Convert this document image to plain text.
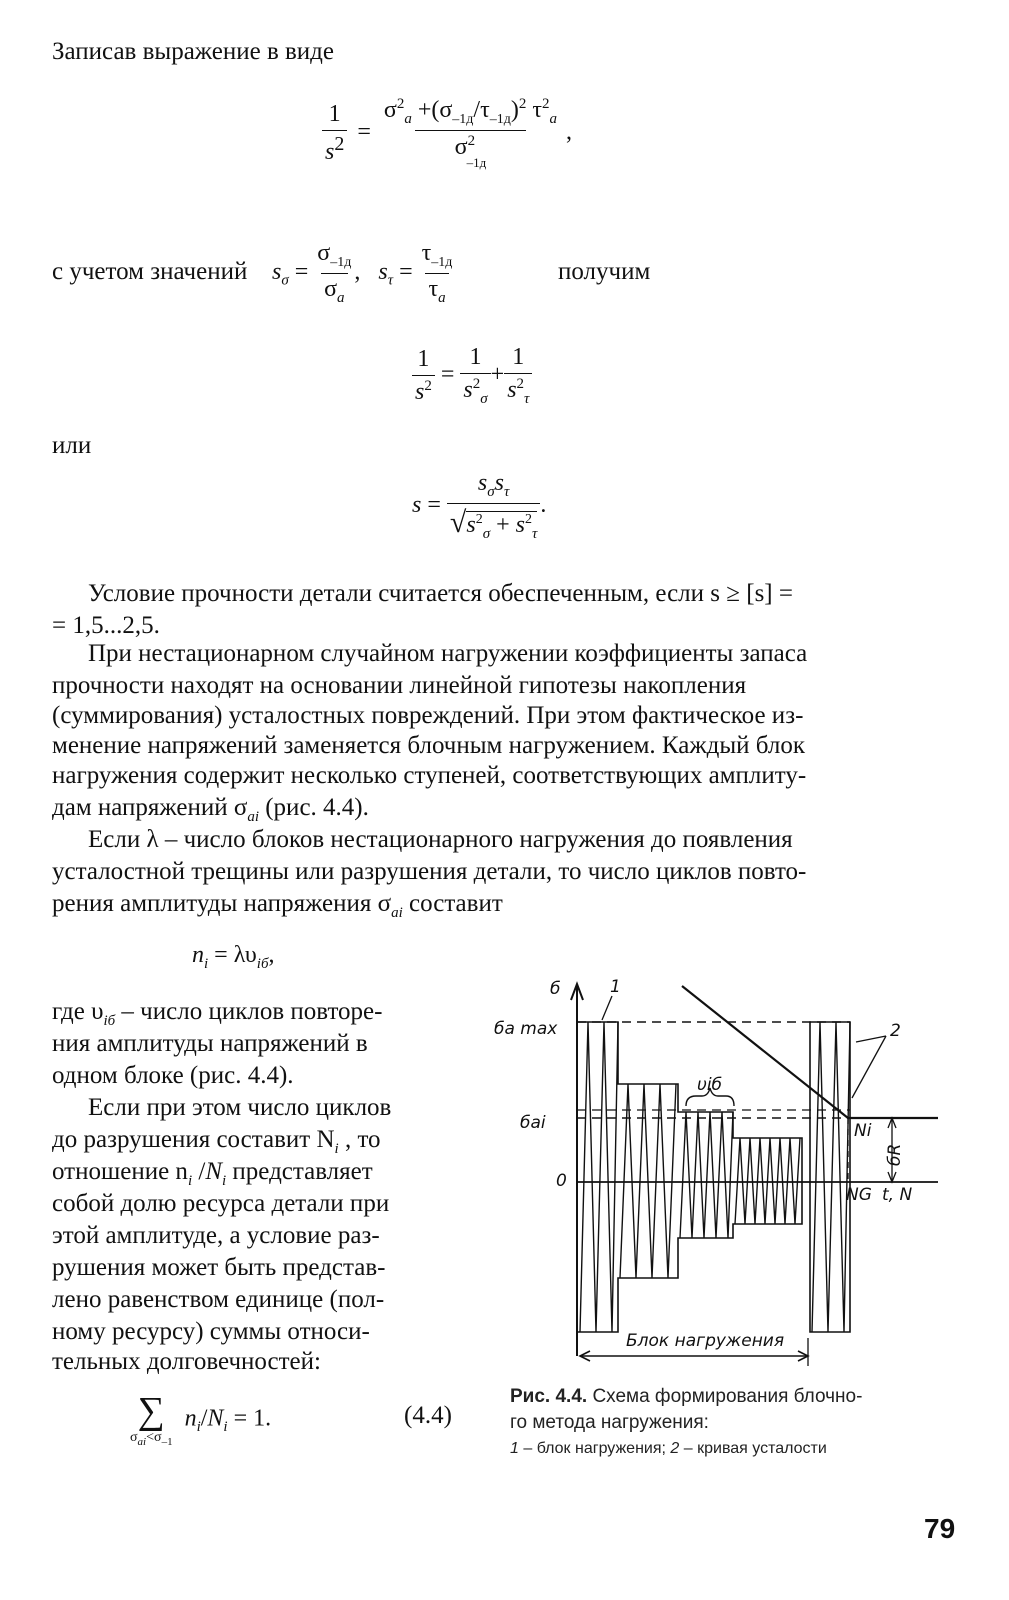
Записав выражение в виде
$\frac{1}{s^2}$ =
$\sigma^2_a +(\sigma_{-1д}/\tau_{-1д})^2$ $\tau^2_a$
$\sigma^2$
–1д
,
с учетом значений $s_\sigma$ =
$\sigma_{-1д}$
$\sigma_a$
,   $s_\tau$ =
$\tau_{-1д}$
$\tau_a$
получим
$\frac{1}{s^2} = \frac{1}{s^2_\sigma} + \frac{1}{s^2_\tau}$
или
s =
$s_\sigma s_\tau$
$√s^2_\sigma + s^2_\tau$
.
Условие прочности детали считается обеспеченным, если s ≥ [s] =
= 1,5...2,5.
При нестационарном случайном нагружении коэффициенты запаса
прочности находят на основании линейной гипотезы накопления
(суммирования) усталостных повреждений. При этом фактическое из-
менение напряжений заменяется блочным нагружением. Каждый блок
нагружения содержит несколько ступеней, соответствующих амплиту-
дам напряжений $\sigma_{ai}$ (рис. 4.4).
Если λ – число блоков нестационарного нагружения до появления
усталостной трещины или разрушения детали, то число циклов повто-
рения амплитуды напряжения $\sigma_{ai}$ составит
$n_i = \lambda\upsilon_{iб}$,
где $\upsilon_{iб}$ – число циклов повторе-
ния амплитуды напряжений в
одном блоке (рис. 4.4).
Если при этом число циклов
до разрушения составит $N_i$ , то
отношение $n_i$ $/N_i$ представляет
собой долю ресурса детали при
этой амплитуде, а условие раз-
рушения может быть представ-
лено равенством единице (пол-
ному ресурсу) суммы относи-
тельных долговечностей:
∑
$\sigma_{ai}<\sigma_{-1}$
$n_i/N_i = 1$.	(4.4)
б
бa max
бai
0
υiб
Ni
бR
NG t, N
Блок нагружения
1
2
Рис. 4.4. Схема формирования блочно-
го метода нагружения:
1 – блок нагружения; 2 – кривая усталости
79
